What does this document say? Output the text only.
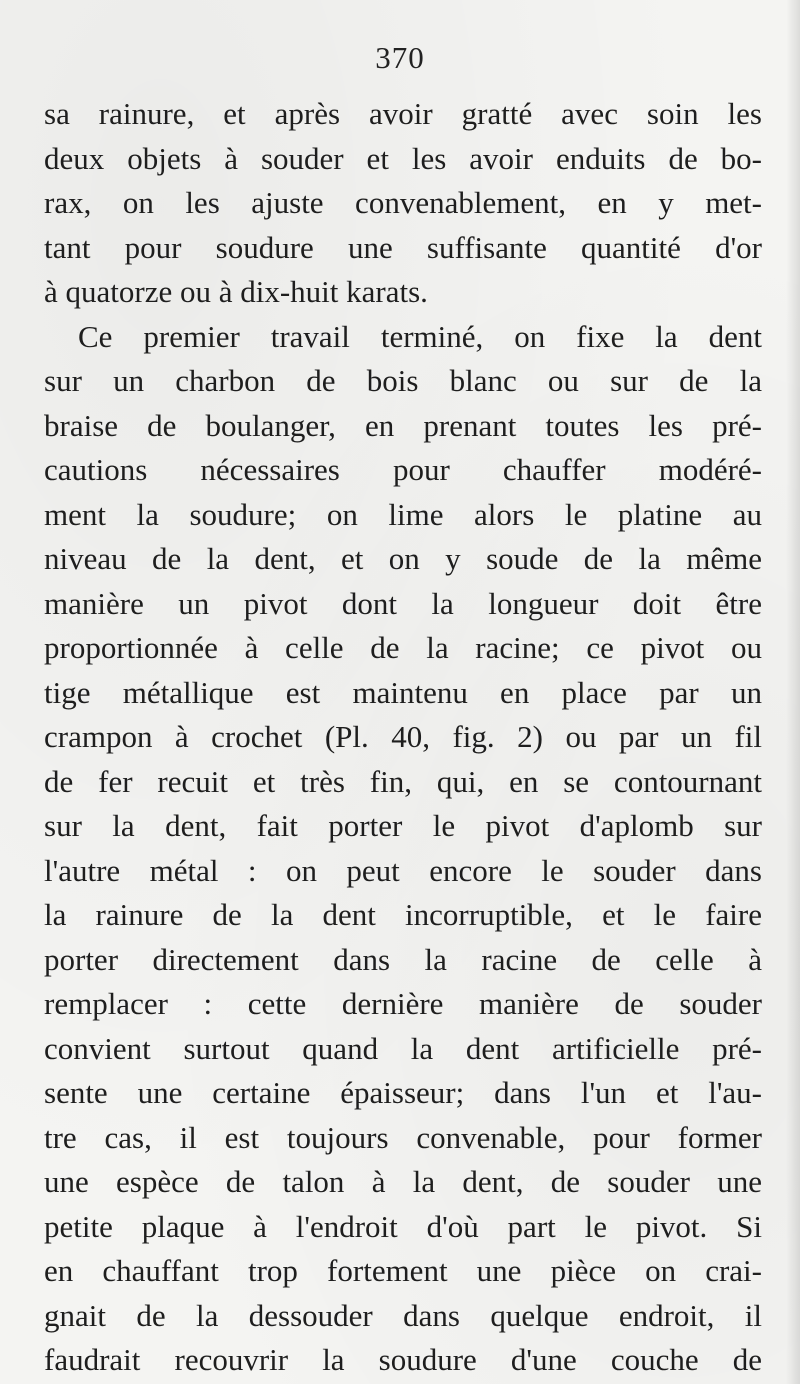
370
sa rainure, et après avoir gratté avec soin les
deux objets à souder et les avoir enduits de bo-
rax, on les ajuste convenablement, en y met-
tant pour soudure une suffisante quantité d'or
à quatorze ou à dix-huit karats.
Ce premier travail terminé, on fixe la dent
sur un charbon de bois blanc ou sur de la
braise de boulanger, en prenant toutes les pré-
cautions nécessaires pour chauffer modéré-
ment la soudure; on lime alors le platine au
niveau de la dent, et on y soude de la même
manière un pivot dont la longueur doit être
proportionnée à celle de la racine; ce pivot ou
tige métallique est maintenu en place par un
crampon à crochet (Pl. 40, fig. 2) ou par un fil
de fer recuit et très fin, qui, en se contournant
sur la dent, fait porter le pivot d'aplomb sur
l'autre métal : on peut encore le souder dans
la rainure de la dent incorruptible, et le faire
porter directement dans la racine de celle à
remplacer : cette dernière manière de souder
convient surtout quand la dent artificielle pré-
sente une certaine épaisseur; dans l'un et l'au-
tre cas, il est toujours convenable, pour former
une espèce de talon à la dent, de souder une
petite plaque à l'endroit d'où part le pivot. Si
en chauffant trop fortement une pièce on crai-
gnait de la dessouder dans quelque endroit, il
faudrait recouvrir la soudure d'une couche de
